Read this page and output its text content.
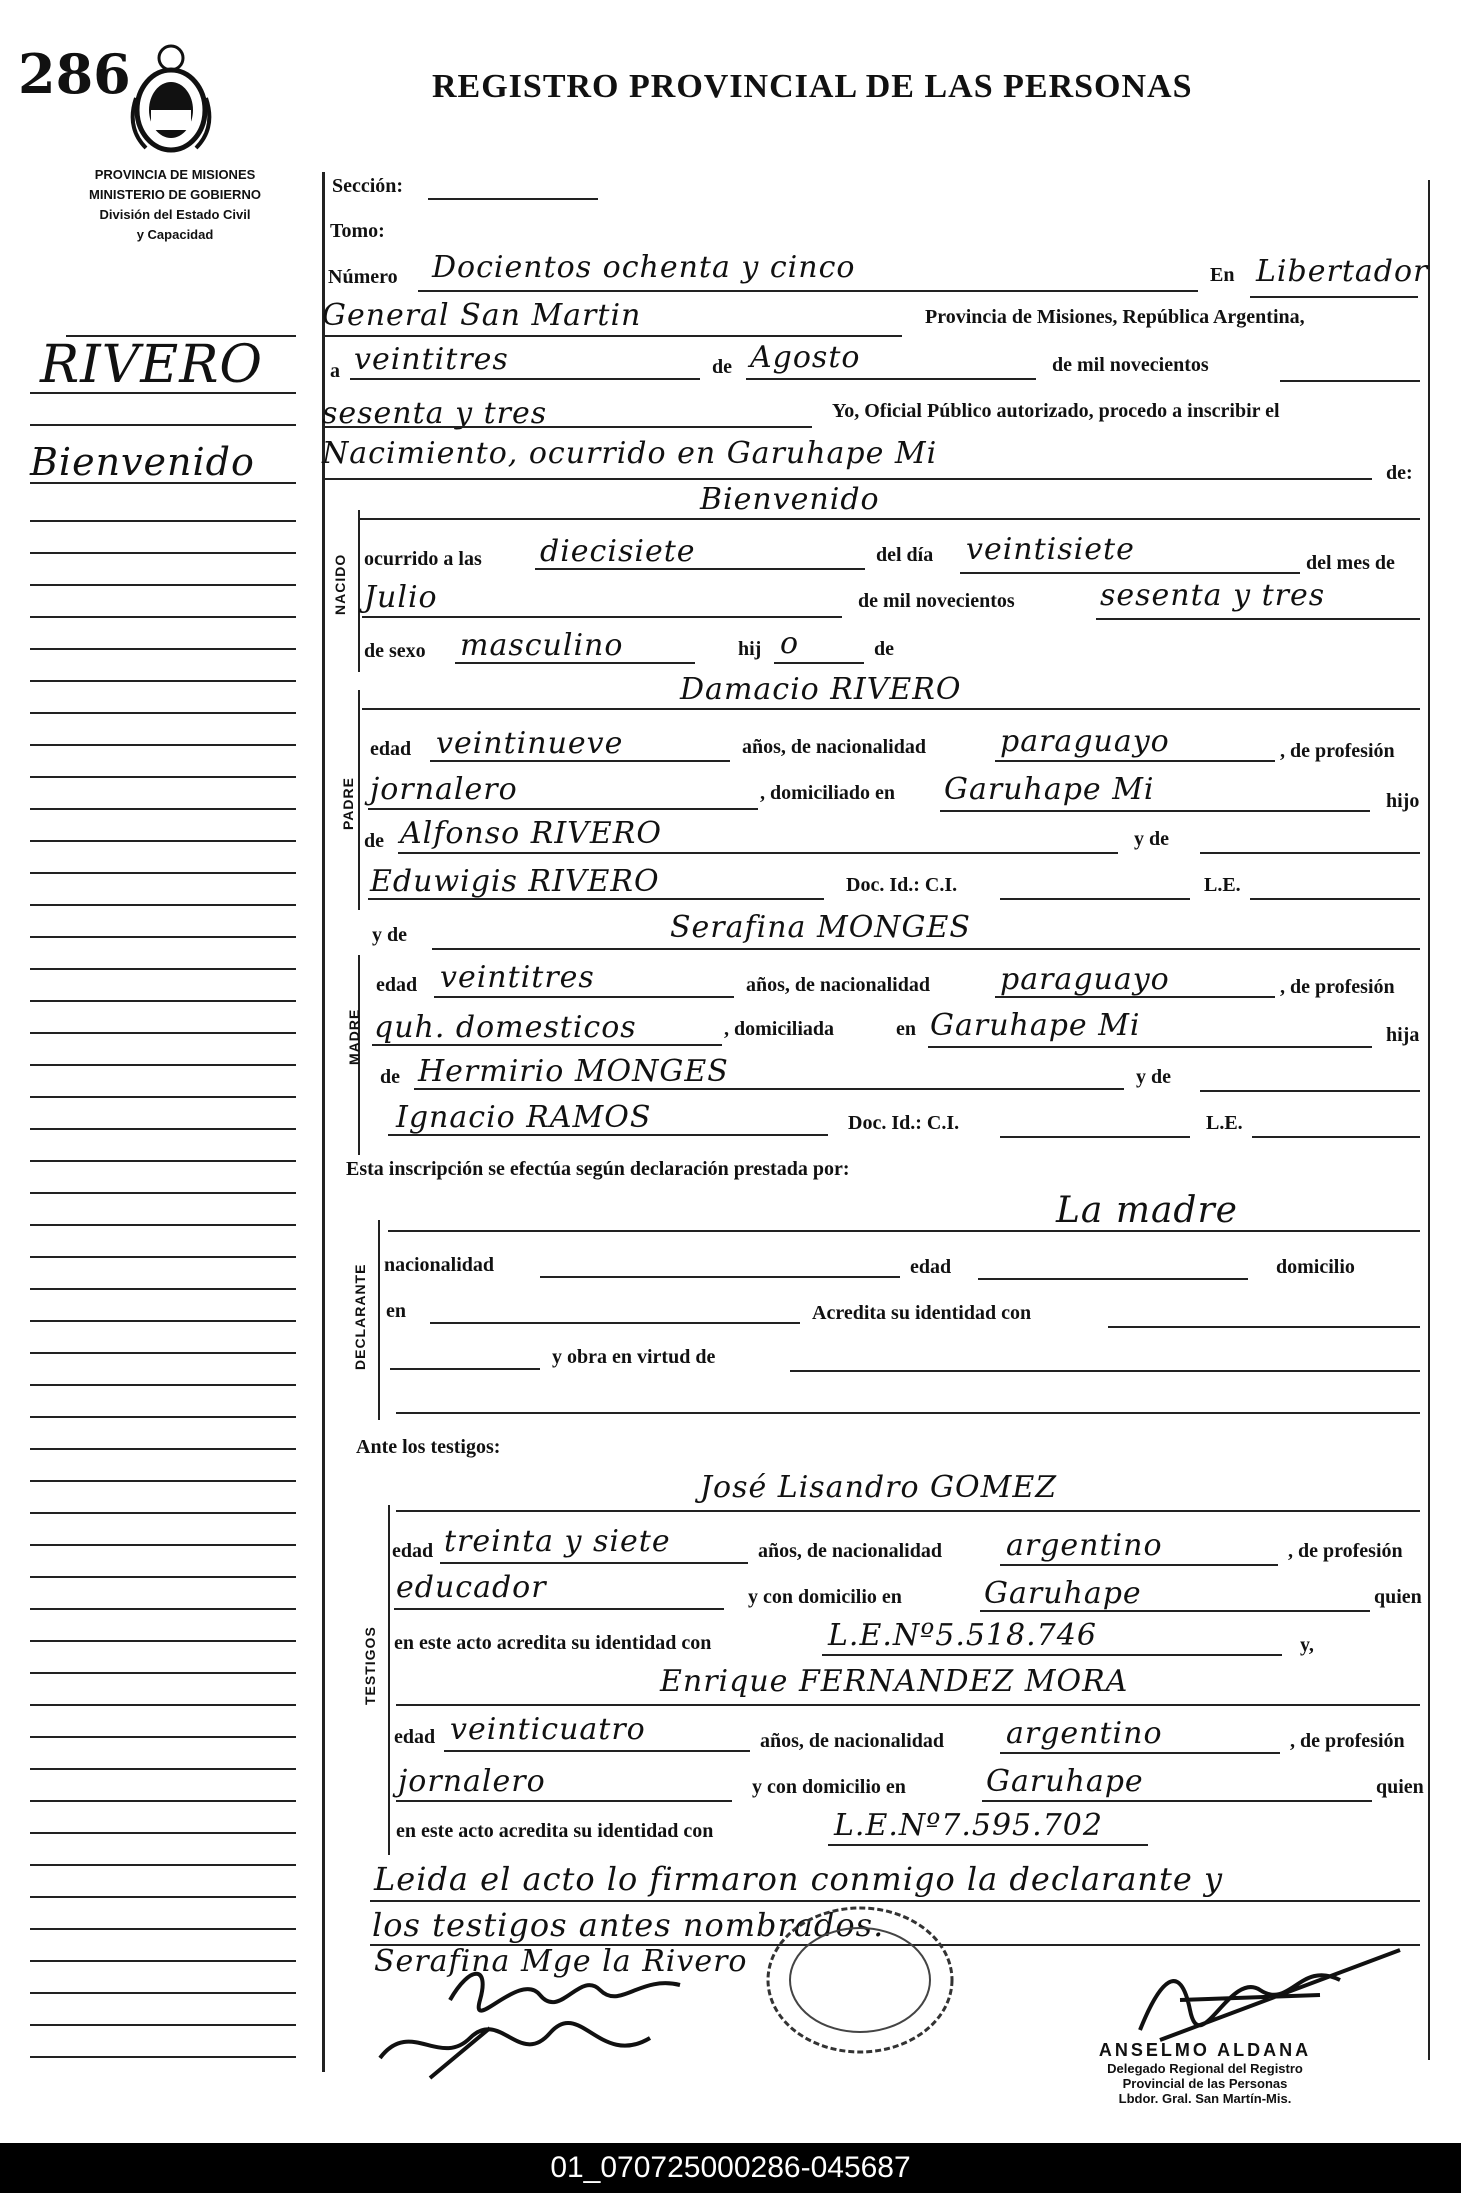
286	REGISTRO PROVINCIAL DE LAS PERSONAS
PROVINCIA DE MISIONES
MINISTERIO DE GOBIERNO
División del Estado Civil
y Capacidad
RIVERO
Bienvenido
NACIDO
PADRE
MADRE
DECLARANTE
TESTIGOS
Sección:
Tomo:
Número Docientos ochenta y cinco	En Libertador
General San Martin	Provincia de Misiones, República Argentina,
a veintitres	de Agosto	de mil novecientos
sesenta y tres	Yo, Oficial Público autorizado, procedo a inscribir el
Nacimiento, ocurrido en Garuhape Mi
de:
Bienvenido
ocurrido a las diecisiete	del día veintisiete	del mes de
Julio	de mil novecientos	sesenta y tres
de sexo masculino	hij o	de
Damacio RIVERO
edad veintinueve	años, de nacionalidad paraguayo	, de profesión
jornalero	, domiciliado en Garuhape Mi	hijo
de Alfonso RIVERO	y de
Eduwigis RIVERO	Doc. Id.: C.I.	L.E.
y de	Serafina MONGES
edad veintitres	años, de nacionalidad paraguayo	, de profesión
quh. domesticos	, domiciliada	en Garuhape Mi	hija
de Hermirio MONGES	y de
Ignacio RAMOS	Doc. Id.: C.I.	L.E.
Esta inscripción se efectúa según declaración prestada por:
La madre
nacionalidad	edad	domicilio
en	Acredita su identidad con
y obra en virtud de
Ante los testigos:
José Lisandro GOMEZ
edad treinta y siete	años, de nacionalidad argentino	, de profesión
educador	y con domicilio en	Garuhape	quien
en este acto acredita su identidad con	L.E.Nº5.518.746	y,
Enrique FERNANDEZ MORA
edad veinticuatro	años, de nacionalidad argentino	, de profesión
jornalero	y con domicilio en	Garuhape	quien
en este acto acredita su identidad con	L.E.Nº7.595.702
Leida el acto lo firmaron conmigo la declarante y
los testigos antes nombrados.
Serafina Mge la Rivero
ANSELMO ALDANA
Delegado Regional del Registro
Provincial de las Personas
Lbdor. Gral. San Martín-Mis.
01_070725000286-045687
